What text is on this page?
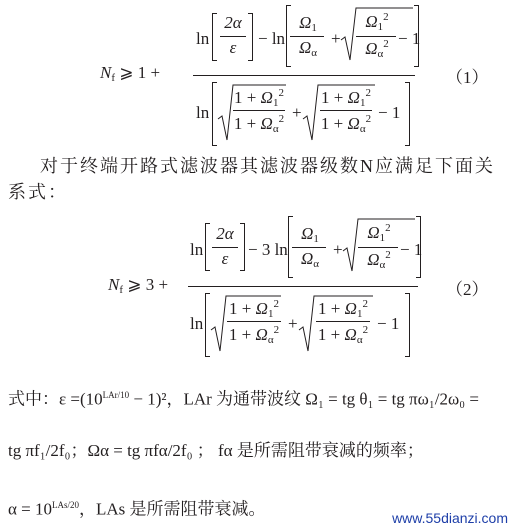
$N_f$ ⩾ 1 +
ln
2α
ε	− ln
$\Omega_1$
$\Omega_\alpha$
+
$\Omega_1^2$
$\Omega_\alpha^2 - 1$
ln
$1 + \Omega_1^2$
$1 + \Omega_\alpha^2$ +
$1 + \Omega_1^2$
$1 + \Omega_\alpha^2 - 1$
（1）
对于终端开路式滤波器其滤波器级数N应满足下面关系式：
$N_f$ ⩾ 3 +
ln
2α
ε	− 3 ln
$\Omega_1$
$\Omega_\alpha$
+
$\Omega_1^2$
$\Omega_\alpha^2 - 1$
ln
$1 + \Omega_1^2$
$1 + \Omega_\alpha^2$ +
$1 + \Omega_1^2$
$1 + \Omega_\alpha^2 - 1$
（2）
式中：$\varepsilon =(10^{LAr/10} - 1)^2$，LAr 为通带波纹 Ω₁ = tg θ₁ = tg πω₁/2ω₀ =
tg πf₁/2f₀；Ωα = tg πfα/2f₀ ； fα 是所需阻带衰减的频率；
$\alpha = 10^{LAs/20}$，LAs 是所需阻带衰减。	www.55dianzi.com
